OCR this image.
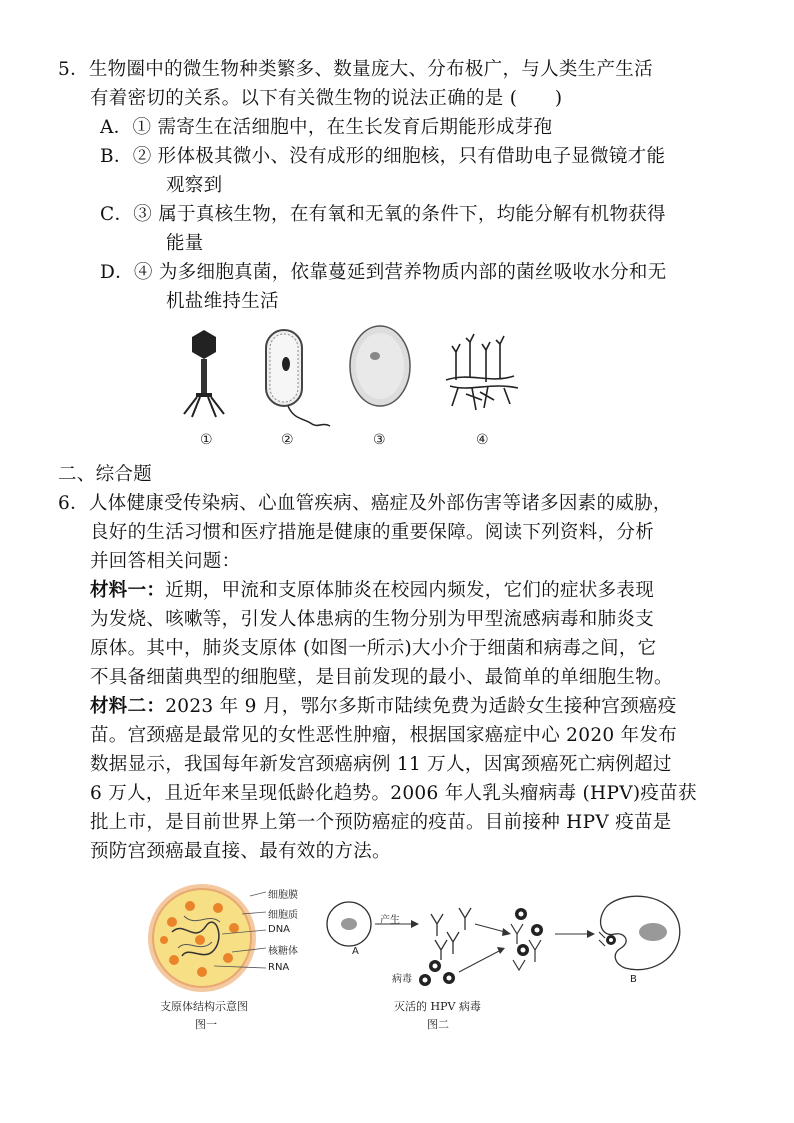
5．生物圈中的微生物种类繁多、数量庞大、分布极广，与人类生产生活
有着密切的关系。以下有关微生物的说法正确的是 (　　)
A．① 需寄生在活细胞中，在生长发育后期能形成芽孢
B．② 形体极其微小、没有成形的细胞核，只有借助电子显微镜才能
观察到
C．③ 属于真核生物，在有氧和无氧的条件下，均能分解有机物获得
能量
D．④ 为多细胞真菌，依靠蔓延到营养物质内部的菌丝吸收水分和无
机盐维持生活
①	②	③	④
二、综合题
6．人体健康受传染病、心血管疾病、癌症及外部伤害等诸多因素的威胁，
良好的生活习惯和医疗措施是健康的重要保障。阅读下列资料，分析
并回答相关问题：
材料一：近期，甲流和支原体肺炎在校园内频发，它们的症状多表现
为发烧、咳嗽等，引发人体患病的生物分别为甲型流感病毒和肺炎支
原体。其中，肺炎支原体 (如图一所示)大小介于细菌和病毒之间，它
不具备细菌典型的细胞壁，是目前发现的最小、最简单的单细胞生物。
材料二：2023 年 9 月，鄂尔多斯市陆续免费为适龄女生接种宫颈癌疫
苗。宫颈癌是最常见的女性恶性肿瘤，根据国家癌症中心 2020 年发布
数据显示，我国每年新发宫颈癌病例 11 万人，因寓颈癌死亡病例超过
6 万人，且近年来呈现低龄化趋势。2006 年人乳头瘤病毒 (HPV)疫苗获
批上市，是目前世界上第一个预防癌症的疫苗。目前接种 HPV 疫苗是
预防宫颈癌最直接、最有效的方法。
细胞膜
细胞质
DNA
核糖体
RNA
支原体结构示意图
图一
A
产生
病毒	B
灭活的 HPV 病毒
图二
